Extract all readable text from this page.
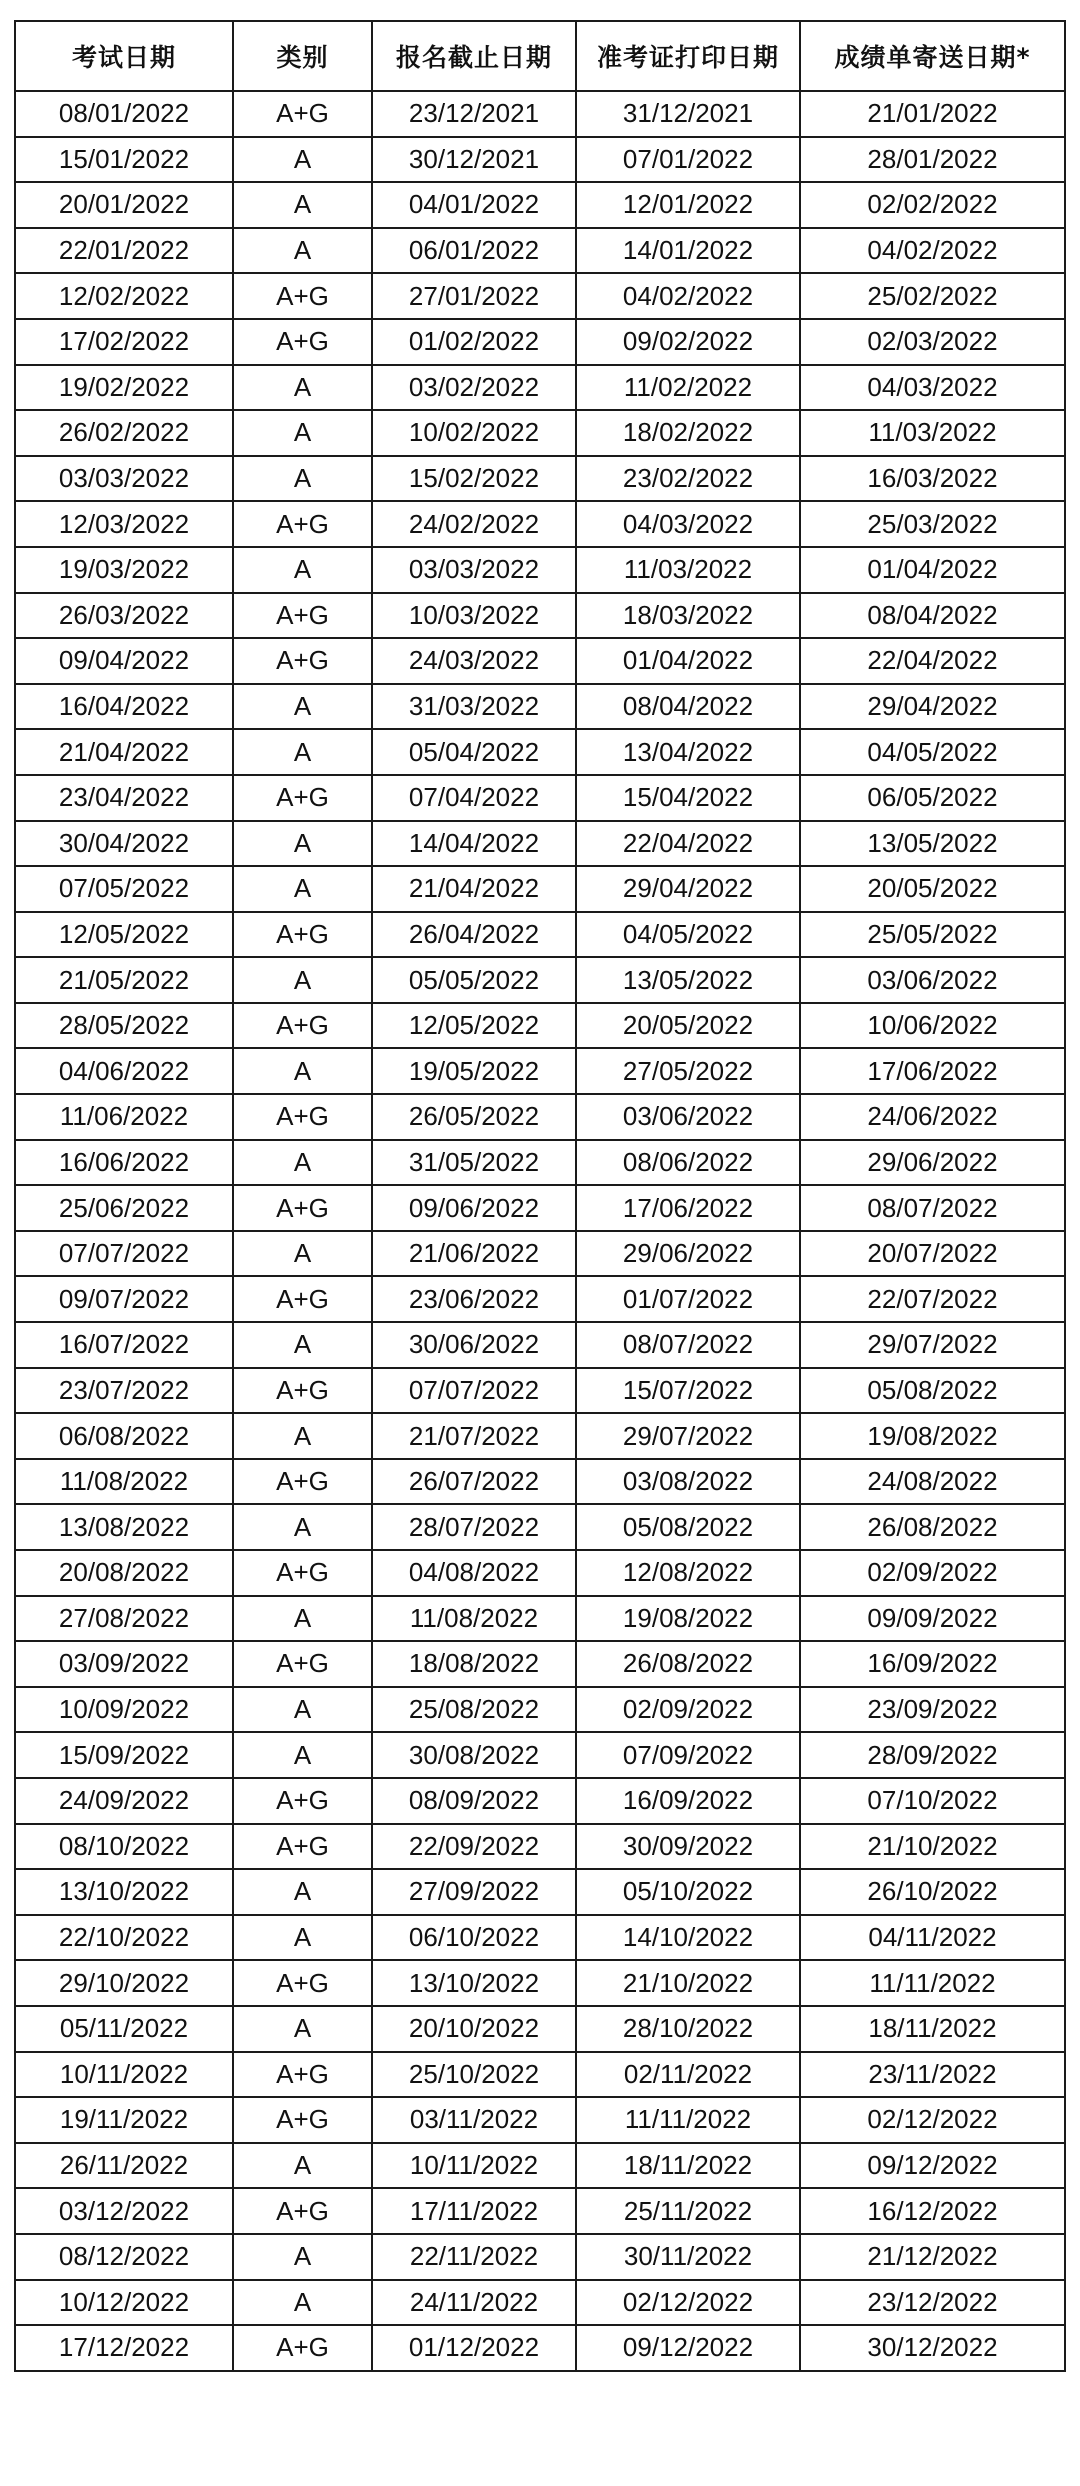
考试日期	类别	报名截止日期	准考证打印日期	成绩单寄送日期*
08/01/2022	A+G	23/12/2021	31/12/2021	21/01/2022
15/01/2022	A	30/12/2021	07/01/2022	28/01/2022
20/01/2022	A	04/01/2022	12/01/2022	02/02/2022
22/01/2022	A	06/01/2022	14/01/2022	04/02/2022
12/02/2022	A+G	27/01/2022	04/02/2022	25/02/2022
17/02/2022	A+G	01/02/2022	09/02/2022	02/03/2022
19/02/2022	A	03/02/2022	11/02/2022	04/03/2022
26/02/2022	A	10/02/2022	18/02/2022	11/03/2022
03/03/2022	A	15/02/2022	23/02/2022	16/03/2022
12/03/2022	A+G	24/02/2022	04/03/2022	25/03/2022
19/03/2022	A	03/03/2022	11/03/2022	01/04/2022
26/03/2022	A+G	10/03/2022	18/03/2022	08/04/2022
09/04/2022	A+G	24/03/2022	01/04/2022	22/04/2022
16/04/2022	A	31/03/2022	08/04/2022	29/04/2022
21/04/2022	A	05/04/2022	13/04/2022	04/05/2022
23/04/2022	A+G	07/04/2022	15/04/2022	06/05/2022
30/04/2022	A	14/04/2022	22/04/2022	13/05/2022
07/05/2022	A	21/04/2022	29/04/2022	20/05/2022
12/05/2022	A+G	26/04/2022	04/05/2022	25/05/2022
21/05/2022	A	05/05/2022	13/05/2022	03/06/2022
28/05/2022	A+G	12/05/2022	20/05/2022	10/06/2022
04/06/2022	A	19/05/2022	27/05/2022	17/06/2022
11/06/2022	A+G	26/05/2022	03/06/2022	24/06/2022
16/06/2022	A	31/05/2022	08/06/2022	29/06/2022
25/06/2022	A+G	09/06/2022	17/06/2022	08/07/2022
07/07/2022	A	21/06/2022	29/06/2022	20/07/2022
09/07/2022	A+G	23/06/2022	01/07/2022	22/07/2022
16/07/2022	A	30/06/2022	08/07/2022	29/07/2022
23/07/2022	A+G	07/07/2022	15/07/2022	05/08/2022
06/08/2022	A	21/07/2022	29/07/2022	19/08/2022
11/08/2022	A+G	26/07/2022	03/08/2022	24/08/2022
13/08/2022	A	28/07/2022	05/08/2022	26/08/2022
20/08/2022	A+G	04/08/2022	12/08/2022	02/09/2022
27/08/2022	A	11/08/2022	19/08/2022	09/09/2022
03/09/2022	A+G	18/08/2022	26/08/2022	16/09/2022
10/09/2022	A	25/08/2022	02/09/2022	23/09/2022
15/09/2022	A	30/08/2022	07/09/2022	28/09/2022
24/09/2022	A+G	08/09/2022	16/09/2022	07/10/2022
08/10/2022	A+G	22/09/2022	30/09/2022	21/10/2022
13/10/2022	A	27/09/2022	05/10/2022	26/10/2022
22/10/2022	A	06/10/2022	14/10/2022	04/11/2022
29/10/2022	A+G	13/10/2022	21/10/2022	11/11/2022
05/11/2022	A	20/10/2022	28/10/2022	18/11/2022
10/11/2022	A+G	25/10/2022	02/11/2022	23/11/2022
19/11/2022	A+G	03/11/2022	11/11/2022	02/12/2022
26/11/2022	A	10/11/2022	18/11/2022	09/12/2022
03/12/2022	A+G	17/11/2022	25/11/2022	16/12/2022
08/12/2022	A	22/11/2022	30/11/2022	21/12/2022
10/12/2022	A	24/11/2022	02/12/2022	23/12/2022
17/12/2022	A+G	01/12/2022	09/12/2022	30/12/2022
